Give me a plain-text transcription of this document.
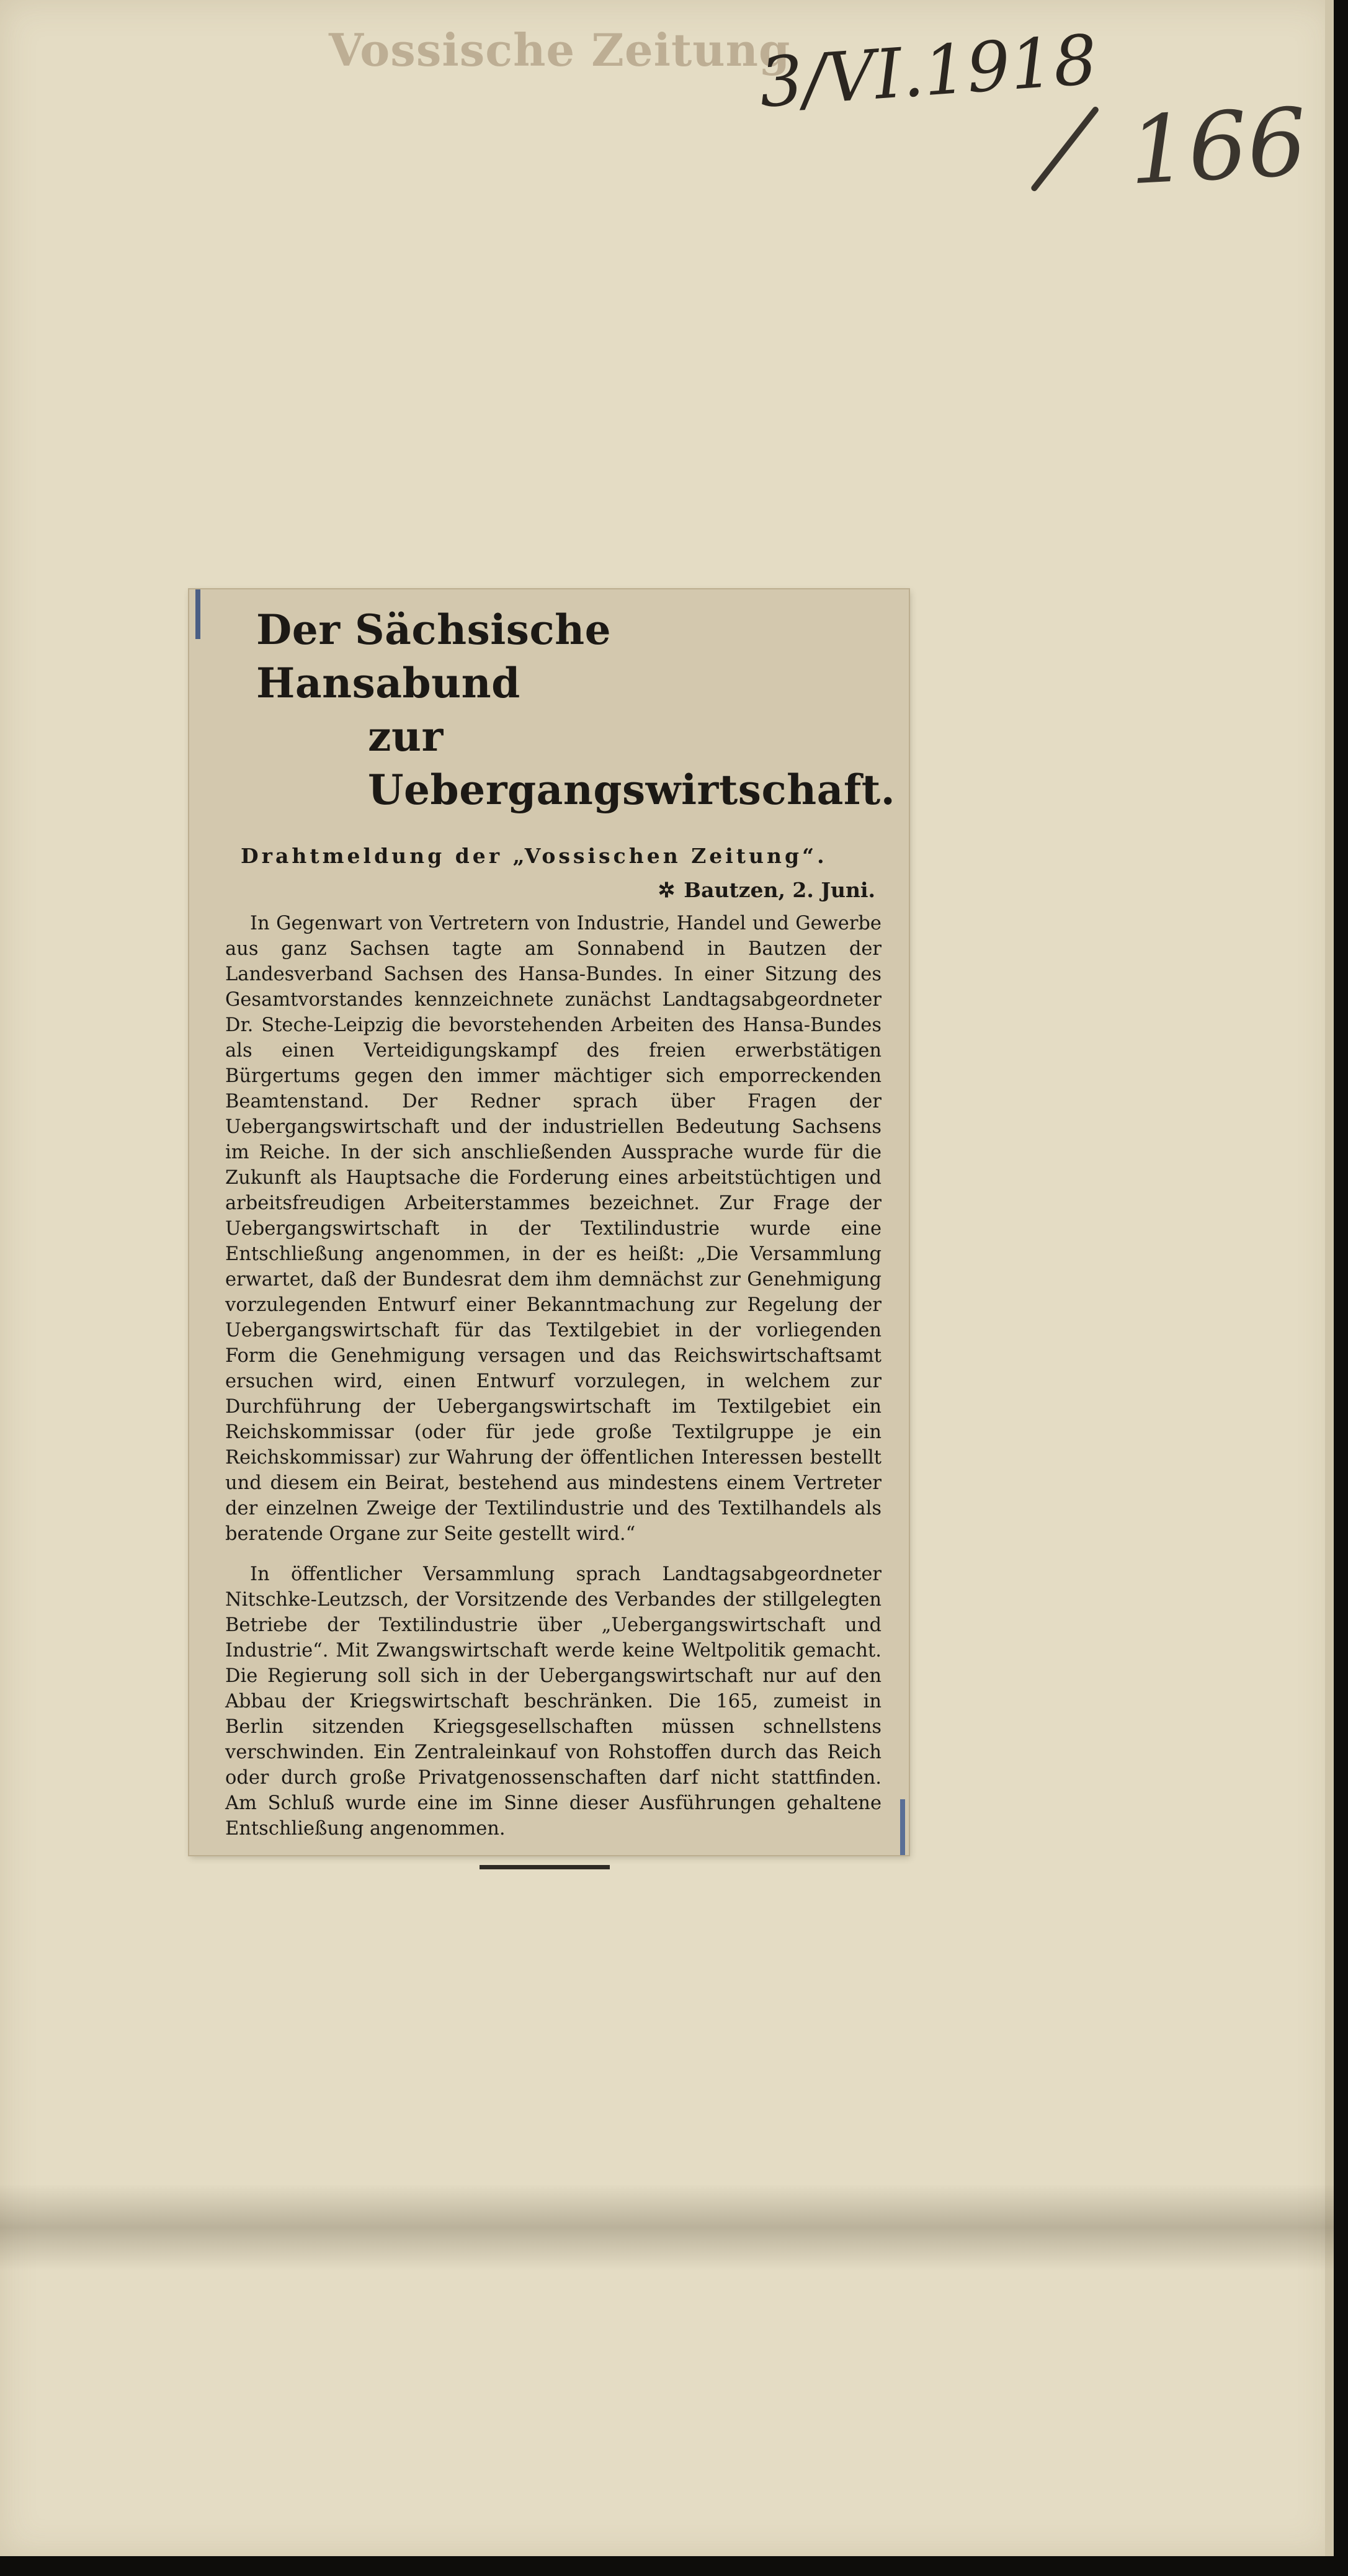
Vossische Zeitung
3/VI.1918
166
Der Sächsische Hansabund
zur Uebergangswirtschaft.
Drahtmeldung der „Vossischen Zeitung“.
✲ Bautzen, 2. Juni.

In Gegenwart von Vertretern von Industrie, Handel und Gewerbe aus ganz Sachsen tagte am Sonnabend in Bautzen der Landesverband Sachsen des Hansa-Bundes. In einer Sitzung des Gesamtvorstandes kennzeichnete zunächst Landtagsabgeordneter Dr. Steche-Leipzig die bevorstehenden Arbeiten des Hansa-Bundes als einen Verteidigungskampf des freien erwerbstätigen Bürgertums gegen den immer mächtiger sich emporreckenden Beamtenstand. Der Redner sprach über Fragen der Uebergangswirtschaft und der industriellen Bedeutung Sachsens im Reiche. In der sich anschließenden Aussprache wurde für die Zukunft als Hauptsache die Forderung eines arbeitstüchtigen und arbeitsfreudigen Arbeiterstammes bezeichnet. Zur Frage der Uebergangswirtschaft in der Textilindustrie wurde eine Entschließung angenommen, in der es heißt: „Die Versammlung erwartet, daß der Bundesrat dem ihm demnächst zur Genehmigung vorzulegenden Entwurf einer Bekanntmachung zur Regelung der Uebergangswirtschaft für das Textilgebiet in der vorliegenden Form die Genehmigung versagen und das Reichswirtschaftsamt ersuchen wird, einen Entwurf vorzulegen, in welchem zur Durchführung der Uebergangswirtschaft im Textilgebiet ein Reichskommissar (oder für jede große Textilgruppe je ein Reichskommissar) zur Wahrung der öffentlichen Interessen bestellt und diesem ein Beirat, bestehend aus mindestens einem Vertreter der einzelnen Zweige der Textilindustrie und des Textilhandels als beratende Organe zur Seite gestellt wird.“

In öffentlicher Versammlung sprach Landtagsabgeordneter Nitschke-Leutzsch, der Vorsitzende des Verbandes der stillgelegten Betriebe der Textilindustrie über „Uebergangswirtschaft und Industrie“. Mit Zwangswirtschaft werde keine Weltpolitik gemacht. Die Regierung soll sich in der Uebergangswirtschaft nur auf den Abbau der Kriegswirtschaft beschränken. Die 165, zumeist in Berlin sitzenden Kriegsgesellschaften müssen schnellstens verschwinden. Ein Zentraleinkauf von Rohstoffen durch das Reich oder durch große Privatgenossenschaften darf nicht stattfinden. Am Schluß wurde eine im Sinne dieser Ausführungen gehaltene Entschließung angenommen.
